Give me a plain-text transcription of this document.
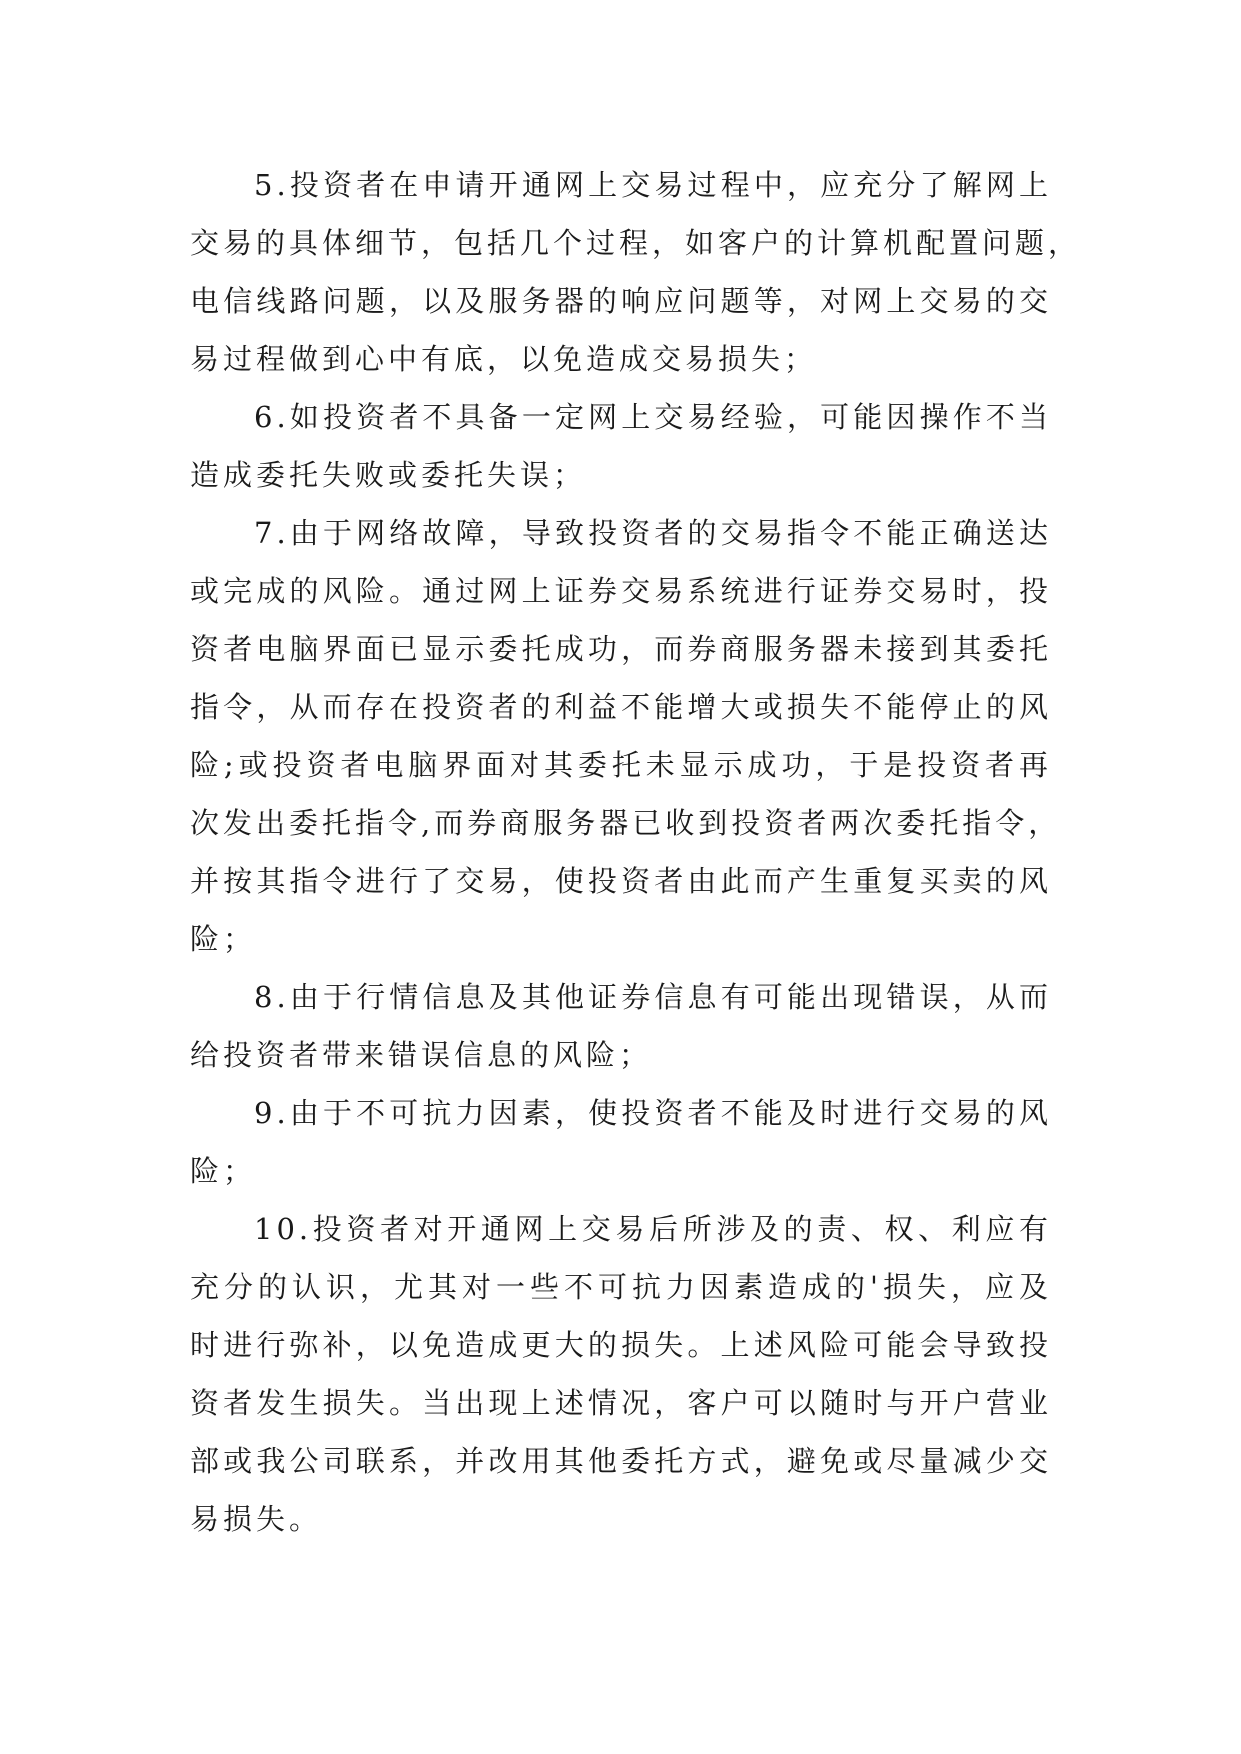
5.投资者在申请开通网上交易过程中，应充分了解网上
交易的具体细节，包括几个过程，如客户的计算机配置问题，
电信线路问题，以及服务器的响应问题等，对网上交易的交
易过程做到心中有底，以免造成交易损失；
6.如投资者不具备一定网上交易经验，可能因操作不当
造成委托失败或委托失误；
7.由于网络故障，导致投资者的交易指令不能正确送达
或完成的风险。通过网上证券交易系统进行证券交易时，投
资者电脑界面已显示委托成功，而券商服务器未接到其委托
指令，从而存在投资者的利益不能增大或损失不能停止的风
险;或投资者电脑界面对其委托未显示成功，于是投资者再
次发出委托指令,而券商服务器已收到投资者两次委托指令，
并按其指令进行了交易，使投资者由此而产生重复买卖的风
险；
8.由于行情信息及其他证券信息有可能出现错误，从而
给投资者带来错误信息的风险；
9.由于不可抗力因素，使投资者不能及时进行交易的风
险；
10.投资者对开通网上交易后所涉及的责、权、利应有
充分的认识，尤其对一些不可抗力因素造成的'损失，应及
时进行弥补，以免造成更大的损失。上述风险可能会导致投
资者发生损失。当出现上述情况，客户可以随时与开户营业
部或我公司联系，并改用其他委托方式，避免或尽量减少交
易损失。
